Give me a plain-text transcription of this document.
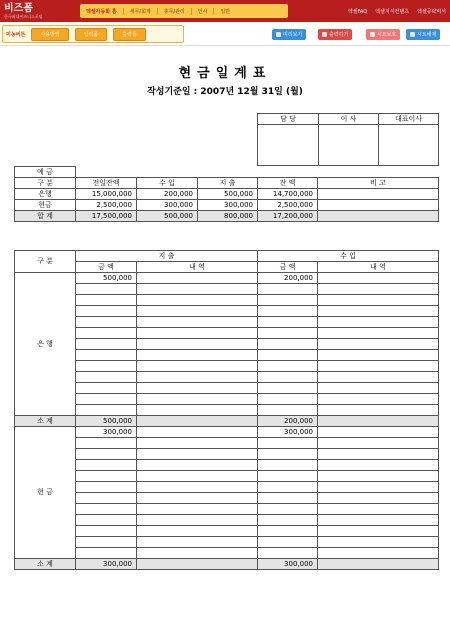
비즈폼
한국최대비즈니스포털
엑셀자동화 홈	세무/회계	총무/관리	인사	일반	엑셀FAQ 엑셀지식컨텐츠 엑셀공략비서
미농버튼	사용방법	입력폼	출력폼	미리보기	출력하기	시트보호	시트해제
현금일계표
작성기준일 : 2007년 12월 31일 (월)
담 당	이 사	대표이사

예 금					
구 분	전일잔액	수 입	지 출	잔 액	비 고
은행	15,000,000	200,000	500,000	14,700,000	
현금	2,500,000	300,000	300,000	2,500,000	
합 계	17,500,000	500,000	800,000	17,200,000	
구 분	지 출		수 입	
	금 액	내 역	금 액	내 역
은 행	500,000		200,000	

소 계	500,000		200,000	
현 금	300,000		300,000	

소 계	300,000		300,000	
